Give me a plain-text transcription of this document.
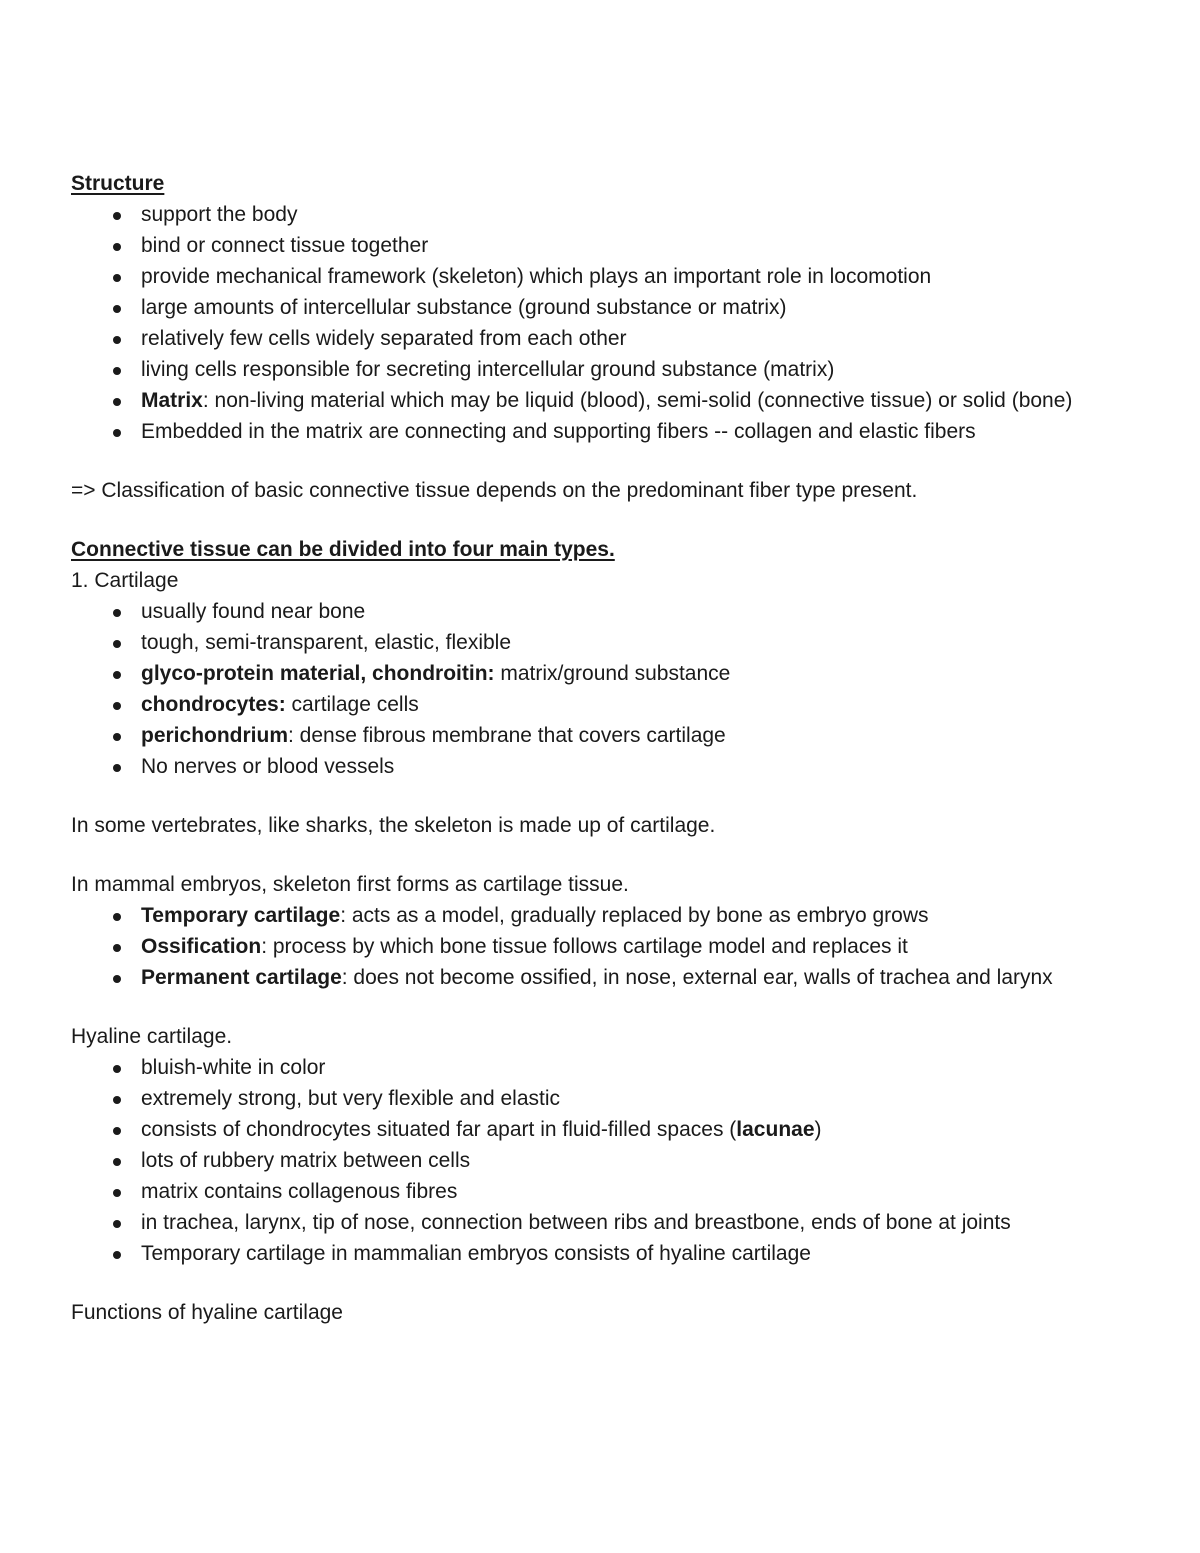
Structure
support the body
bind or connect tissue together
provide mechanical framework (skeleton) which plays an important role in locomotion
large amounts of intercellular substance (ground substance or matrix)
relatively few cells widely separated from each other
living cells responsible for secreting intercellular ground substance (matrix)
Matrix: non-living material which may be liquid (blood), semi-solid (connective tissue) or solid (bone)
Embedded in the matrix are connecting and supporting fibers -- collagen and elastic fibers
=> Classification of basic connective tissue depends on the predominant fiber type present.
Connective tissue can be divided into four main types.
1. Cartilage
usually found near bone
tough, semi-transparent, elastic, flexible
glyco-protein material, chondroitin: matrix/ground substance
chondrocytes: cartilage cells
perichondrium: dense fibrous membrane that covers cartilage
No nerves or blood vessels
In some vertebrates, like sharks, the skeleton is made up of cartilage.
In mammal embryos, skeleton first forms as cartilage tissue.
Temporary cartilage: acts as a model, gradually replaced by bone as embryo grows
Ossification: process by which bone tissue follows cartilage model and replaces it
Permanent cartilage: does not become ossified, in nose, external ear, walls of trachea and larynx
Hyaline cartilage.
bluish-white in color
extremely strong, but very flexible and elastic
consists of chondrocytes situated far apart in fluid-filled spaces (lacunae)
lots of rubbery matrix between cells
matrix contains collagenous fibres
in trachea, larynx, tip of nose, connection between ribs and breastbone, ends of bone at joints
Temporary cartilage in mammalian embryos consists of hyaline cartilage
Functions of hyaline cartilage
